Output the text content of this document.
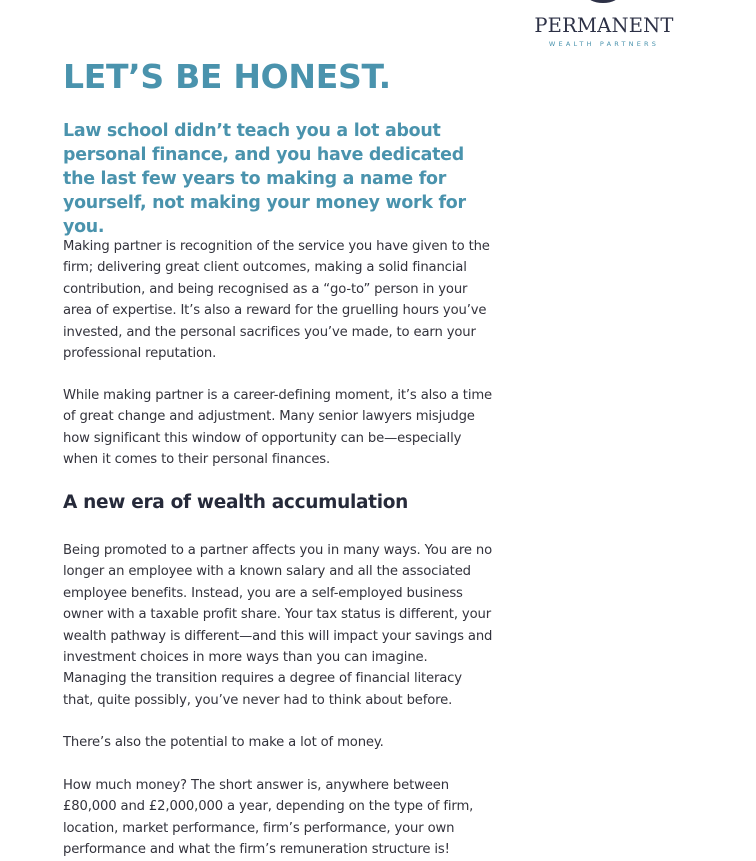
PERMANENT
WEALTH PARTNERS
LET’S BE HONEST.

Law school didn’t teach you a lot about personal finance, and you have dedicated the last few years to making a name for yourself, not making your money work for you.

Making partner is recognition of the service you have given to the firm; delivering great client outcomes, making a solid financial contribution, and being recognised as a “go-to” person in your area of expertise. It’s also a reward for the gruelling hours you’ve invested, and the personal sacrifices you’ve made, to earn your professional reputation.

While making partner is a career-defining moment, it’s also a time of great change and adjustment. Many senior lawyers misjudge how significant this window of opportunity can be—especially when it comes to their personal finances.

A new era of wealth accumulation

Being promoted to a partner affects you in many ways. You are no longer an employee with a known salary and all the associated employee benefits. Instead, you are a self-employed business owner with a taxable profit share. Your tax status is different, your wealth pathway is different—and this will impact your savings and investment choices in more ways than you can imagine. Managing the transition requires a degree of financial literacy that, quite possibly, you’ve never had to think about before.

There’s also the potential to make a lot of money.

How much money? The short answer is, anywhere between £80,000 and £2,000,000 a year, depending on the type of firm, location, market performance, firm’s performance, your own performance and what the firm’s remuneration structure is!
